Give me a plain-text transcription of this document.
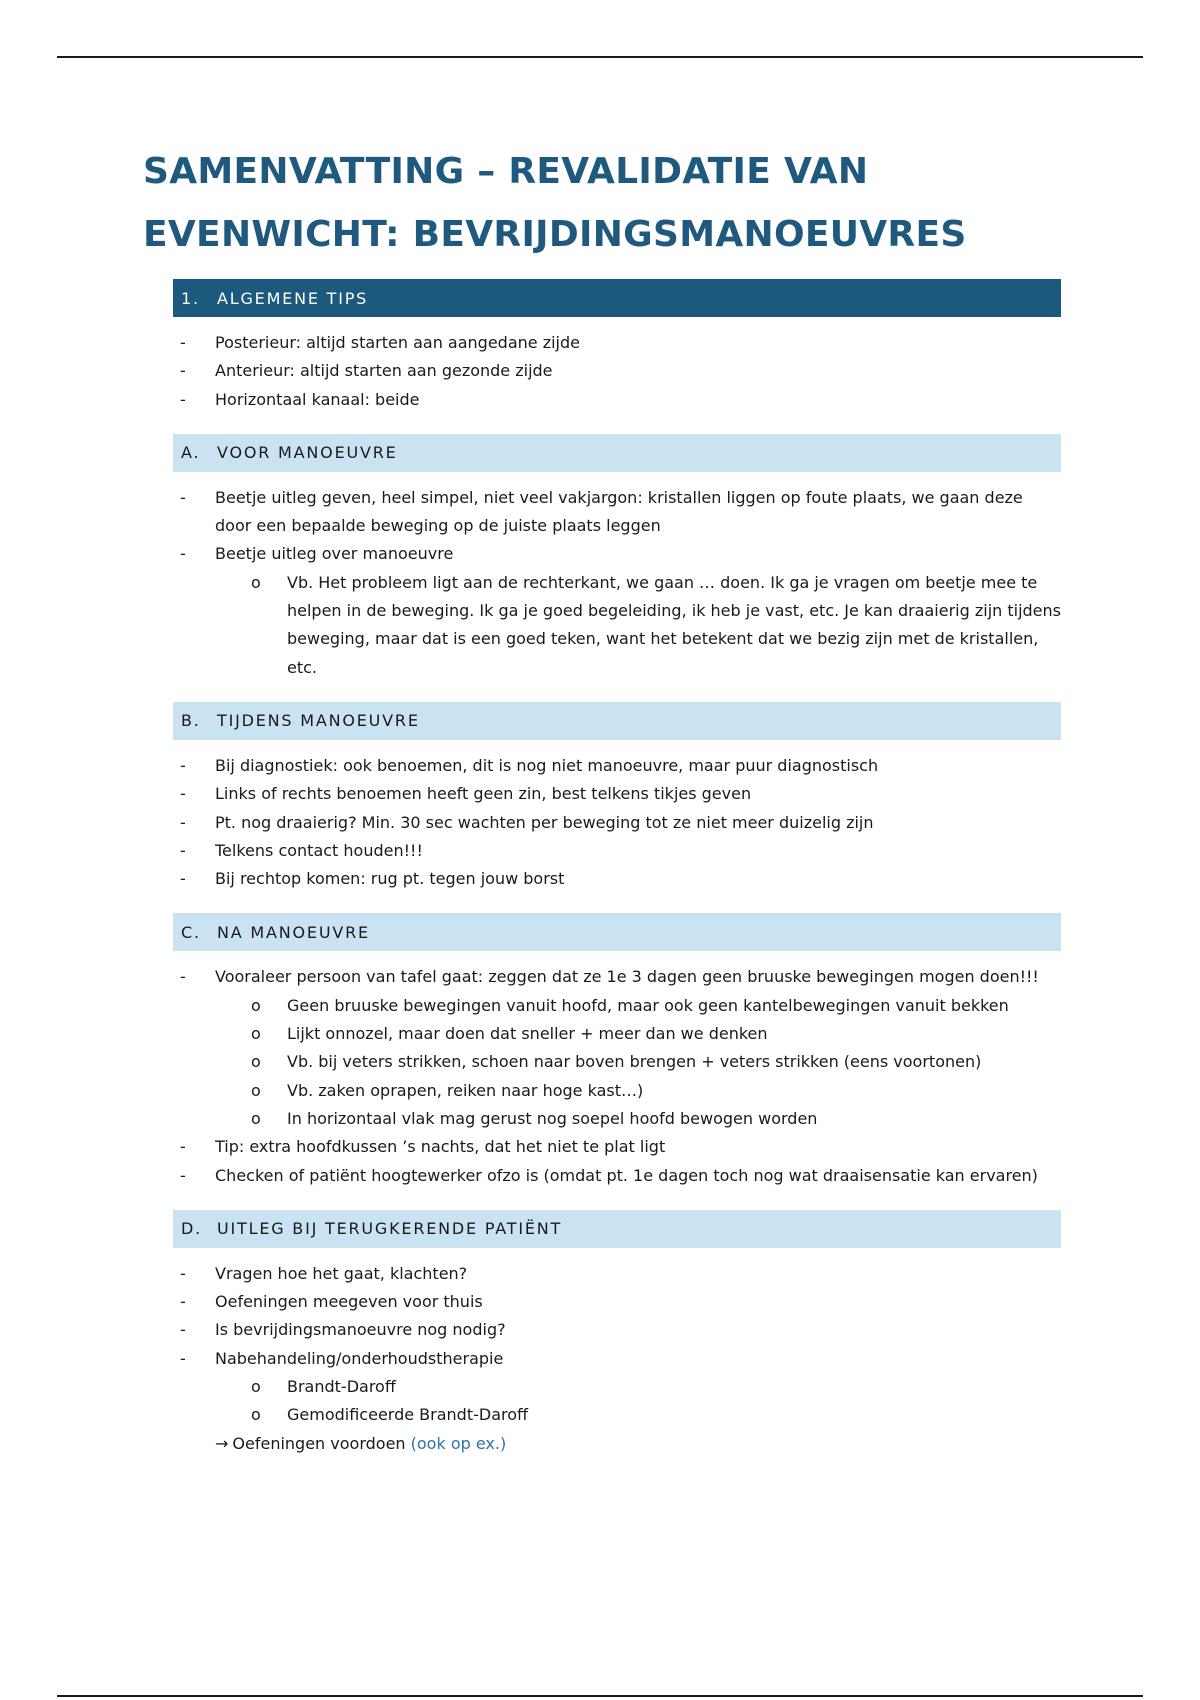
SAMENVATTING – REVALIDATIE VAN
EVENWICHT: BEVRIJDINGSMANOEUVRES
1.	ALGEMENE TIPS
- Posterieur: altijd starten aan aangedane zijde
- Anterieur: altijd starten aan gezonde zijde
- Horizontaal kanaal: beide
A.	VOOR MANOEUVRE
- Beetje uitleg geven, heel simpel, niet veel vakjargon: kristallen liggen op foute plaats, we gaan deze door een bepaalde beweging op de juiste plaats leggen
- Beetje uitleg over manoeuvre
o Vb. Het probleem ligt aan de rechterkant, we gaan … doen. Ik ga je vragen om beetje mee te helpen in de beweging. Ik ga je goed begeleiding, ik heb je vast, etc. Je kan draaierig zijn tijdens beweging, maar dat is een goed teken, want het betekent dat we bezig zijn met de kristallen, etc.
B.	TIJDENS MANOEUVRE
- Bij diagnostiek: ook benoemen, dit is nog niet manoeuvre, maar puur diagnostisch
- Links of rechts benoemen heeft geen zin, best telkens tikjes geven
- Pt. nog draaierig? Min. 30 sec wachten per beweging tot ze niet meer duizelig zijn
- Telkens contact houden!!!
- Bij rechtop komen: rug pt. tegen jouw borst
C.	NA MANOEUVRE
- Vooraleer persoon van tafel gaat: zeggen dat ze 1e 3 dagen geen bruuske bewegingen mogen doen!!!
o Geen bruuske bewegingen vanuit hoofd, maar ook geen kantelbewegingen vanuit bekken
o Lijkt onnozel, maar doen dat sneller + meer dan we denken
o Vb. bij veters strikken, schoen naar boven brengen + veters strikken (eens voortonen)
o Vb. zaken oprapen, reiken naar hoge kast…)
o In horizontaal vlak mag gerust nog soepel hoofd bewogen worden
- Tip: extra hoofdkussen ’s nachts, dat het niet te plat ligt
- Checken of patiënt hoogtewerker ofzo is (omdat pt. 1e dagen toch nog wat draaisensatie kan ervaren)
D. UITLEG BIJ TERUGKERENDE PATIËNT
- Vragen hoe het gaat, klachten?
- Oefeningen meegeven voor thuis
- Is bevrijdingsmanoeuvre nog nodig?
- Nabehandeling/onderhoudstherapie
o Brandt-Daroff
o Gemodificeerde Brandt-Daroff
→ Oefeningen voordoen (ook op ex.)
